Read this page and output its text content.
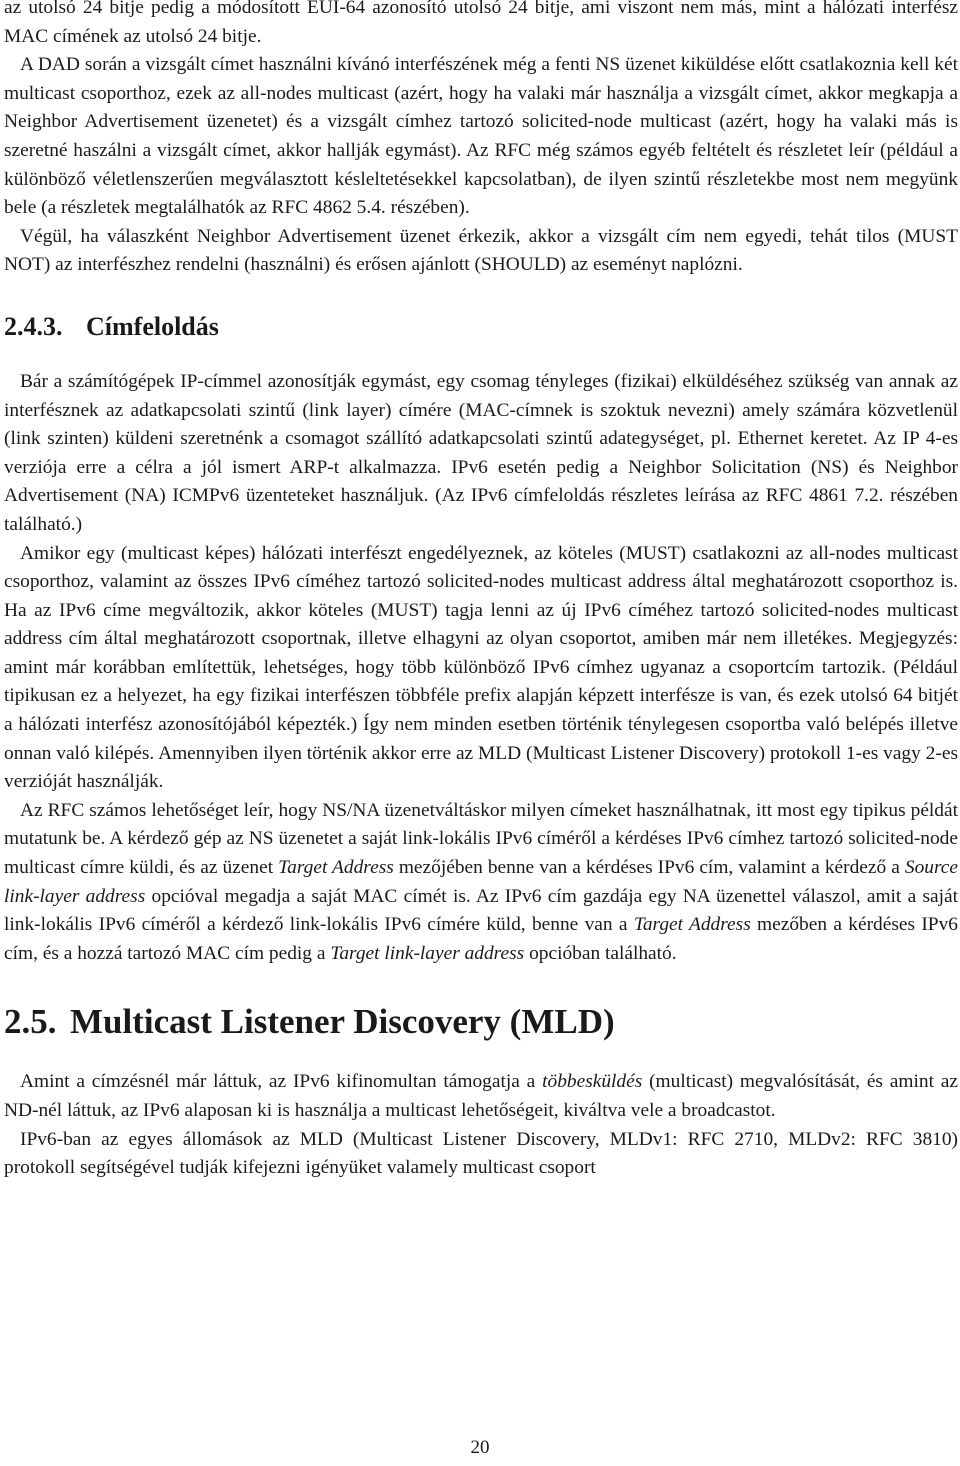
az utolsó 24 bitje pedig a módosított EUI-64 azonosító utolsó 24 bitje, ami viszont nem más, mint a hálózati interfész MAC címének az utolsó 24 bitje.

A DAD során a vizsgált címet használni kívánó interfészének még a fenti NS üzenet kiküldése előtt csatlakoznia kell két multicast csoporthoz, ezek az all-nodes multicast (azért, hogy ha valaki már használja a vizsgált címet, akkor megkapja a Neighbor Advertisement üzenetet) és a vizsgált címhez tartozó solicited-node multicast (azért, hogy ha valaki más is szeretné haszálni a vizsgált címet, akkor hallják egymást). Az RFC még számos egyéb feltételt és részletet leír (például a különböző véletlenszerűen megválasztott késleltetésekkel kapcsolatban), de ilyen szintű részletekbe most nem megyünk bele (a részletek megtalálhatók az RFC 4862 5.4. részében).

Végül, ha válaszként Neighbor Advertisement üzenet érkezik, akkor a vizsgált cím nem egyedi, tehát tilos (MUST NOT) az interfészhez rendelni (használni) és erősen ajánlott (SHOULD) az eseményt naplózni.

2.4.3. Címfeloldás

Bár a számítógépek IP-címmel azonosítják egymást, egy csomag tényleges (fizikai) elküldéséhez szükség van annak az interfésznek az adatkapcsolati szintű (link layer) címére (MAC-címnek is szoktuk nevezni) amely számára közvetlenül (link szinten) küldeni szeretnénk a csomagot szállító adatkapcsolati szintű adategységet, pl. Ethernet keretet. Az IP 4-es verziója erre a célra a jól ismert ARP-t alkalmazza. IPv6 esetén pedig a Neighbor Solicitation (NS) és Neighbor Advertisement (NA) ICMPv6 üzenteteket használjuk. (Az IPv6 címfeloldás részletes leírása az RFC 4861 7.2. részében található.)

Amikor egy (multicast képes) hálózati interfészt engedélyeznek, az köteles (MUST) csatlakozni az all-nodes multicast csoporthoz, valamint az összes IPv6 címéhez tartozó solicited-nodes multicast address által meghatározott csoporthoz is. Ha az IPv6 címe megváltozik, akkor köteles (MUST) tagja lenni az új IPv6 címéhez tartozó solicited-nodes multicast address cím által meghatározott csoportnak, illetve elhagyni az olyan csoportot, amiben már nem illetékes. Megjegyzés: amint már korábban említettük, lehetséges, hogy több különböző IPv6 címhez ugyanaz a csoportcím tartozik. (Például tipikusan ez a helyezet, ha egy fizikai interfészen többféle prefix alapján képzett interfésze is van, és ezek utolsó 64 bitjét a hálózati interfész azonosítójából képezték.) Így nem minden esetben történik ténylegesen csoportba való belépés illetve onnan való kilépés. Amennyiben ilyen történik akkor erre az MLD (Multicast Listener Discovery) protokoll 1-es vagy 2-es verzióját használják.

Az RFC számos lehetőséget leír, hogy NS/NA üzenetváltáskor milyen címeket használhatnak, itt most egy tipikus példát mutatunk be. A kérdező gép az NS üzenetet a saját link-lokális IPv6 címéről a kérdéses IPv6 címhez tartozó solicited-node multicast címre küldi, és az üzenet Target Address mezőjében benne van a kérdéses IPv6 cím, valamint a kérdező a Source link-layer address opcióval megadja a saját MAC címét is. Az IPv6 cím gazdája egy NA üzenettel válaszol, amit a saját link-lokális IPv6 címéről a kérdező link-lokális IPv6 címére küld, benne van a Target Address mezőben a kérdéses IPv6 cím, és a hozzá tartozó MAC cím pedig a Target link-layer address opcióban található.

2.5. Multicast Listener Discovery (MLD)

Amint a címzésnél már láttuk, az IPv6 kifinomultan támogatja a többesküldés (multicast) megvalósítását, és amint az ND-nél láttuk, az IPv6 alaposan ki is használja a multicast lehetőségeit, kiváltva vele a broadcastot.

IPv6-ban az egyes állomások az MLD (Multicast Listener Discovery, MLDv1: RFC 2710, MLDv2: RFC 3810) protokoll segítségével tudják kifejezni igényüket valamely multicast csoport

20
